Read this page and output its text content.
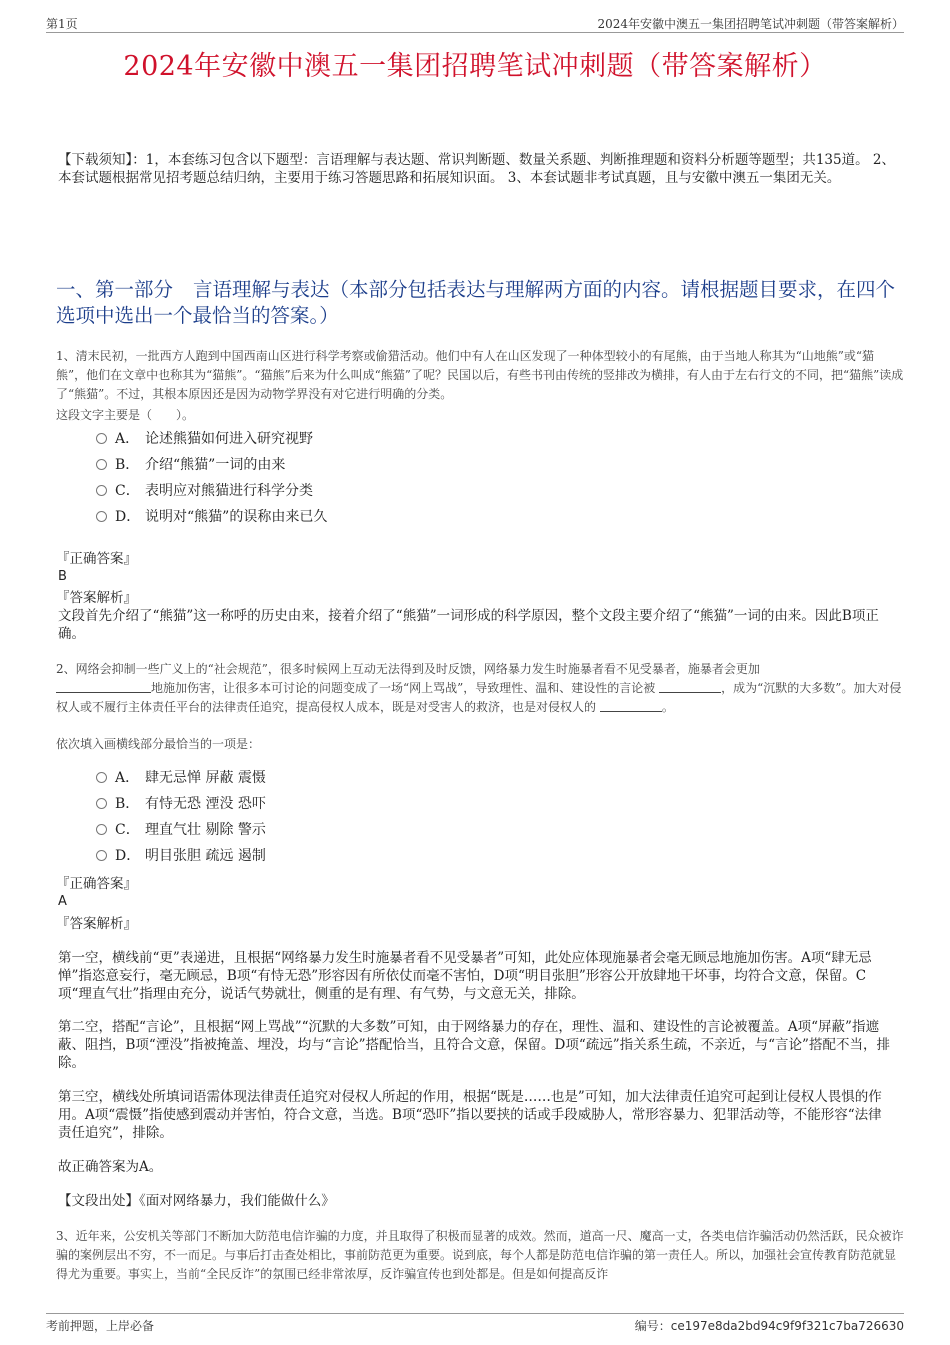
第1页	2024年安徽中澳五一集团招聘笔试冲刺题（带答案解析）
2024年安徽中澳五一集团招聘笔试冲刺题（带答案解析）
【下载须知】：1，本套练习包含以下题型：言语理解与表达题、常识判断题、数量关系题、判断推理题和资料分析题等题型；共135道。 2、本套试题根据常见招考题总结归纳，主要用于练习答题思路和拓展知识面。 3、本套试题非考试真题，且与安徽中澳五一集团无关。
一、第一部分 言语理解与表达（本部分包括表达与理解两方面的内容。请根据题目要求，在四个选项中选出一个最恰当的答案。）
1、清末民初，一批西方人跑到中国西南山区进行科学考察或偷猎活动。他们中有人在山区发现了一种体型较小的有尾熊，由于当地人称其为“山地熊”或“猫熊”，他们在文章中也称其为“猫熊”。“猫熊”后来为什么叫成“熊猫”了呢？民国以后，有些书刊由传统的竖排改为横排，有人由于左右行文的不同，把“猫熊”读成了“熊猫”。不过，其根本原因还是因为动物学界没有对它进行明确的分类。
这段文字主要是（　　）。
A． 论述熊猫如何进入研究视野
B． 介绍“熊猫”一词的由来
C． 表明应对熊猫进行科学分类
D． 说明对“熊猫”的误称由来已久
『正确答案』
B
『答案解析』
文段首先介绍了“熊猫”这一称呼的历史由来，接着介绍了“熊猫”一词形成的科学原因，整个文段主要介绍了“熊猫”一词的由来。因此B项正确。
2、网络会抑制一些广义上的“社会规范”，很多时候网上互动无法得到及时反馈，网络暴力发生时施暴者看不见受暴者，施暴者会更加
地施加伤害，让很多本可讨论的问题变成了一场“网上骂战”，导致理性、温和、建设性的言论被	，成为“沉默的大多数”。加大对侵权人或不履行主体责任平台的法律责任追究，提高侵权人成本，既是对受害人的救济，也是对侵权人的	。
依次填入画横线部分最恰当的一项是：
A． 肆无忌惮 屏蔽 震慑
B． 有恃无恐 湮没 恐吓
C． 理直气壮 剔除 警示
D． 明目张胆 疏远 遏制
『正确答案』
A
『答案解析』
第一空，横线前“更”表递进，且根据“网络暴力发生时施暴者看不见受暴者”可知，此处应体现施暴者会毫无顾忌地施加伤害。A项“肆无忌惮”指恣意妄行，毫无顾忌，B项“有恃无恐”形容因有所依仗而毫不害怕，D项“明目张胆”形容公开放肆地干坏事，均符合文意，保留。C项“理直气壮”指理由充分，说话气势就壮，侧重的是有理、有气势，与文意无关，排除。
第二空，搭配“言论”，且根据“网上骂战”“沉默的大多数”可知，由于网络暴力的存在，理性、温和、建设性的言论被覆盖。A项“屏蔽”指遮蔽、阻挡，B项“湮没”指被掩盖、埋没，均与“言论”搭配恰当，且符合文意，保留。D项“疏远”指关系生疏，不亲近，与“言论”搭配不当，排除。
第三空，横线处所填词语需体现法律责任追究对侵权人所起的作用，根据“既是……也是”可知，加大法律责任追究可起到让侵权人畏惧的作用。A项“震慑”指使感到震动并害怕，符合文意，当选。B项“恐吓”指以要挟的话或手段威胁人，常形容暴力、犯罪活动等，不能形容“法律责任追究”，排除。
故正确答案为A。
【文段出处】《面对网络暴力，我们能做什么》
3、近年来，公安机关等部门不断加大防范电信诈骗的力度，并且取得了积极而显著的成效。然而，道高一尺、魔高一丈，各类电信诈骗活动仍然活跃，民众被诈骗的案例层出不穷，不一而足。与事后打击查处相比，事前防范更为重要。说到底，每个人都是防范电信诈骗的第一责任人。所以，加强社会宣传教育防范就显得尤为重要。事实上，当前“全民反诈”的氛围已经非常浓厚，反诈骗宣传也到处都是。但是如何提高反诈
考前押题，上岸必备	编号：ce197e8da2bd94c9f9f321c7ba726630
